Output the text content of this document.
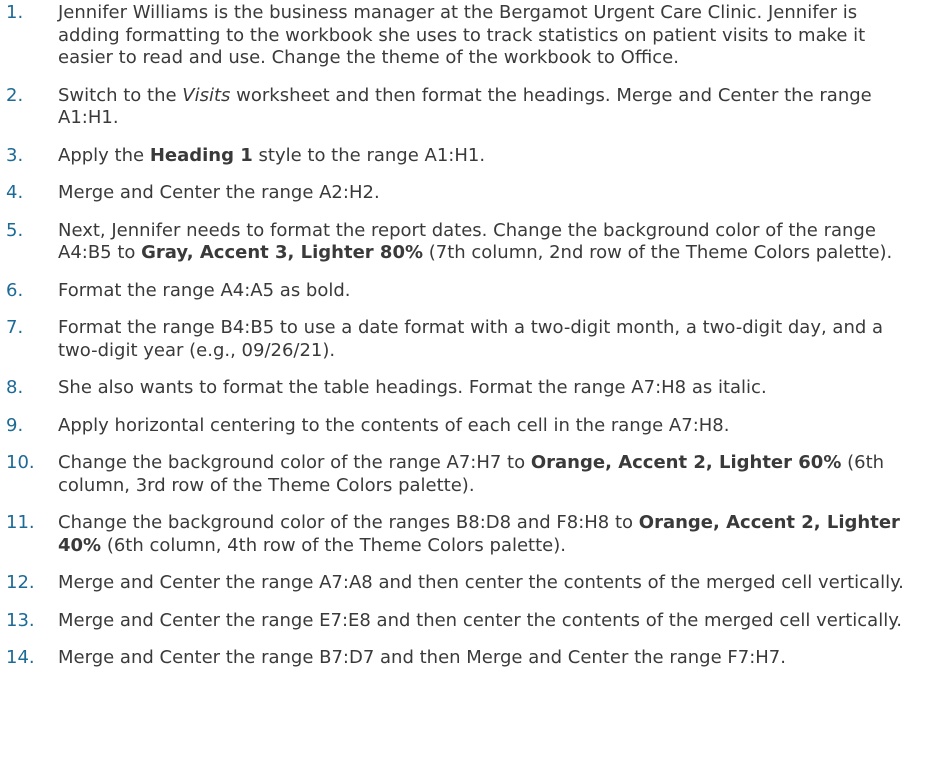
1.	Jennifer Williams is the business manager at the Bergamot Urgent Care Clinic. Jennifer is adding formatting to the workbook she uses to track statistics on patient visits to make it easier to read and use. Change the theme of the workbook to Office.
2.	Switch to the Visits worksheet and then format the headings. Merge and Center the range A1:H1.
3.	Apply the Heading 1 style to the range A1:H1.
4.	Merge and Center the range A2:H2.
5.	Next, Jennifer needs to format the report dates. Change the background color of the range A4:B5 to Gray, Accent 3, Lighter 80% (7th column, 2nd row of the Theme Colors palette).
6.	Format the range A4:A5 as bold.
7.	Format the range B4:B5 to use a date format with a two-digit month, a two-digit day, and a two-digit year (e.g., 09/26/21).
8.	She also wants to format the table headings. Format the range A7:H8 as italic.
9.	Apply horizontal centering to the contents of each cell in the range A7:H8.
10.	Change the background color of the range A7:H7 to Orange, Accent 2, Lighter 60% (6th column, 3rd row of the Theme Colors palette).
11.	Change the background color of the ranges B8:D8 and F8:H8 to Orange, Accent 2, Lighter 40% (6th column, 4th row of the Theme Colors palette).
12.	Merge and Center the range A7:A8 and then center the contents of the merged cell vertically.
13.	Merge and Center the range E7:E8 and then center the contents of the merged cell vertically.
14.	Merge and Center the range B7:D7 and then Merge and Center the range F7:H7.
